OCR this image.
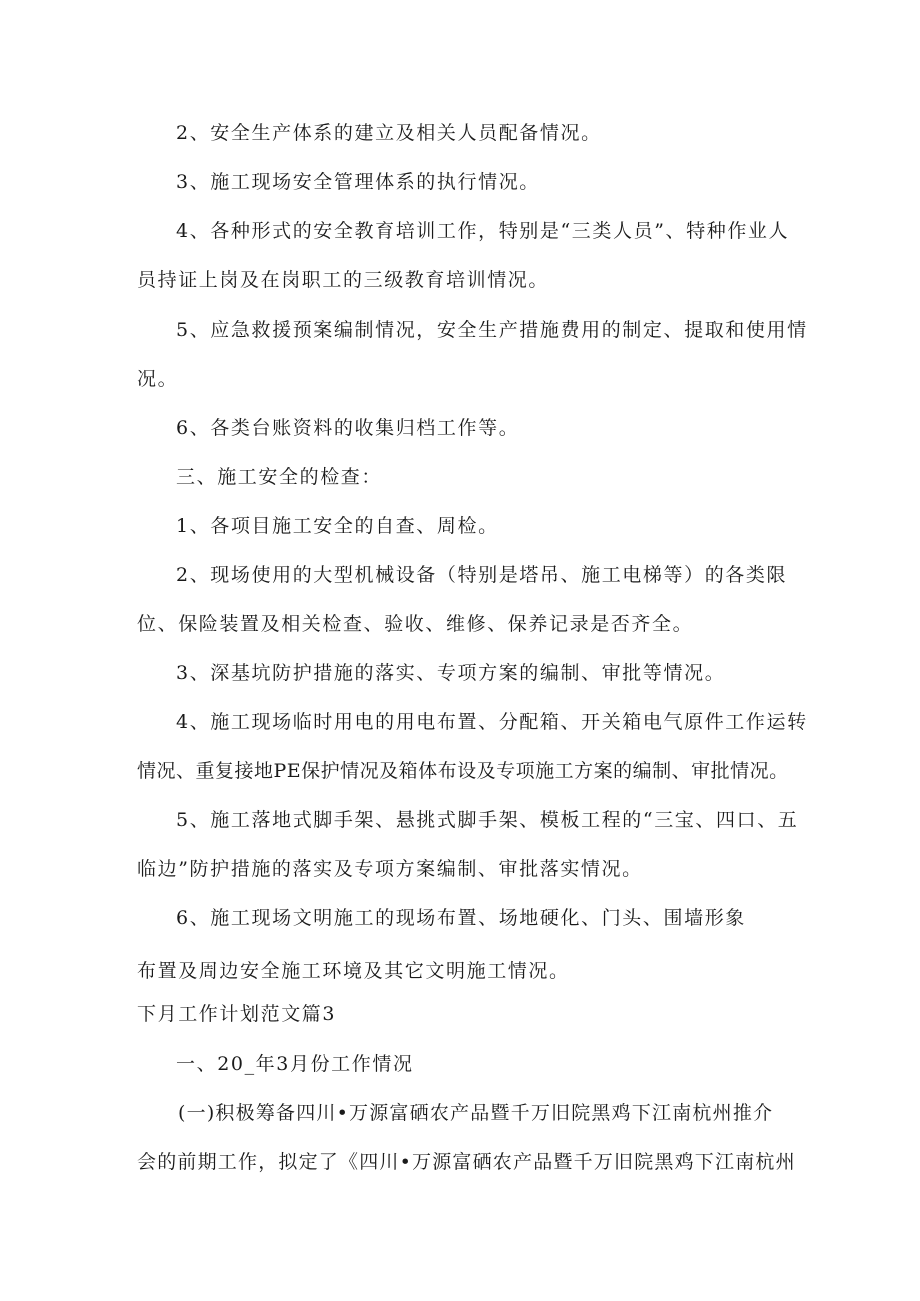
2、安全生产体系的建立及相关人员配备情况。
3、施工现场安全管理体系的执行情况。
4、各种形式的安全教育培训工作，特别是“三类人员”、特种作业人
员持证上岗及在岗职工的三级教育培训情况。
5、应急救援预案编制情况，安全生产措施费用的制定、提取和使用情
况。
6、各类台账资料的收集归档工作等。
三、施工安全的检查：
1、各项目施工安全的自查、周检。
2、现场使用的大型机械设备（特别是塔吊、施工电梯等）的各类限
位、保险装置及相关检查、验收、维修、保养记录是否齐全。
3、深基坑防护措施的落实、专项方案的编制、审批等情况。
4、施工现场临时用电的用电布置、分配箱、开关箱电气原件工作运转
情况、重复接地PE保护情况及箱体布设及专项施工方案的编制、审批情况。
5、施工落地式脚手架、悬挑式脚手架、模板工程的“三宝、四口、五
临边”防护措施的落实及专项方案编制、审批落实情况。
6、施工现场文明施工的现场布置、场地硬化、门头、围墙形象
布置及周边安全施工环境及其它文明施工情况。
下月工作计划范文篇3
一、20_年3月份工作情况
(一)积极筹备四川•万源富硒农产品暨千万旧院黑鸡下江南杭州推介
会的前期工作，拟定了《四川•万源富硒农产品暨千万旧院黑鸡下江南杭州
